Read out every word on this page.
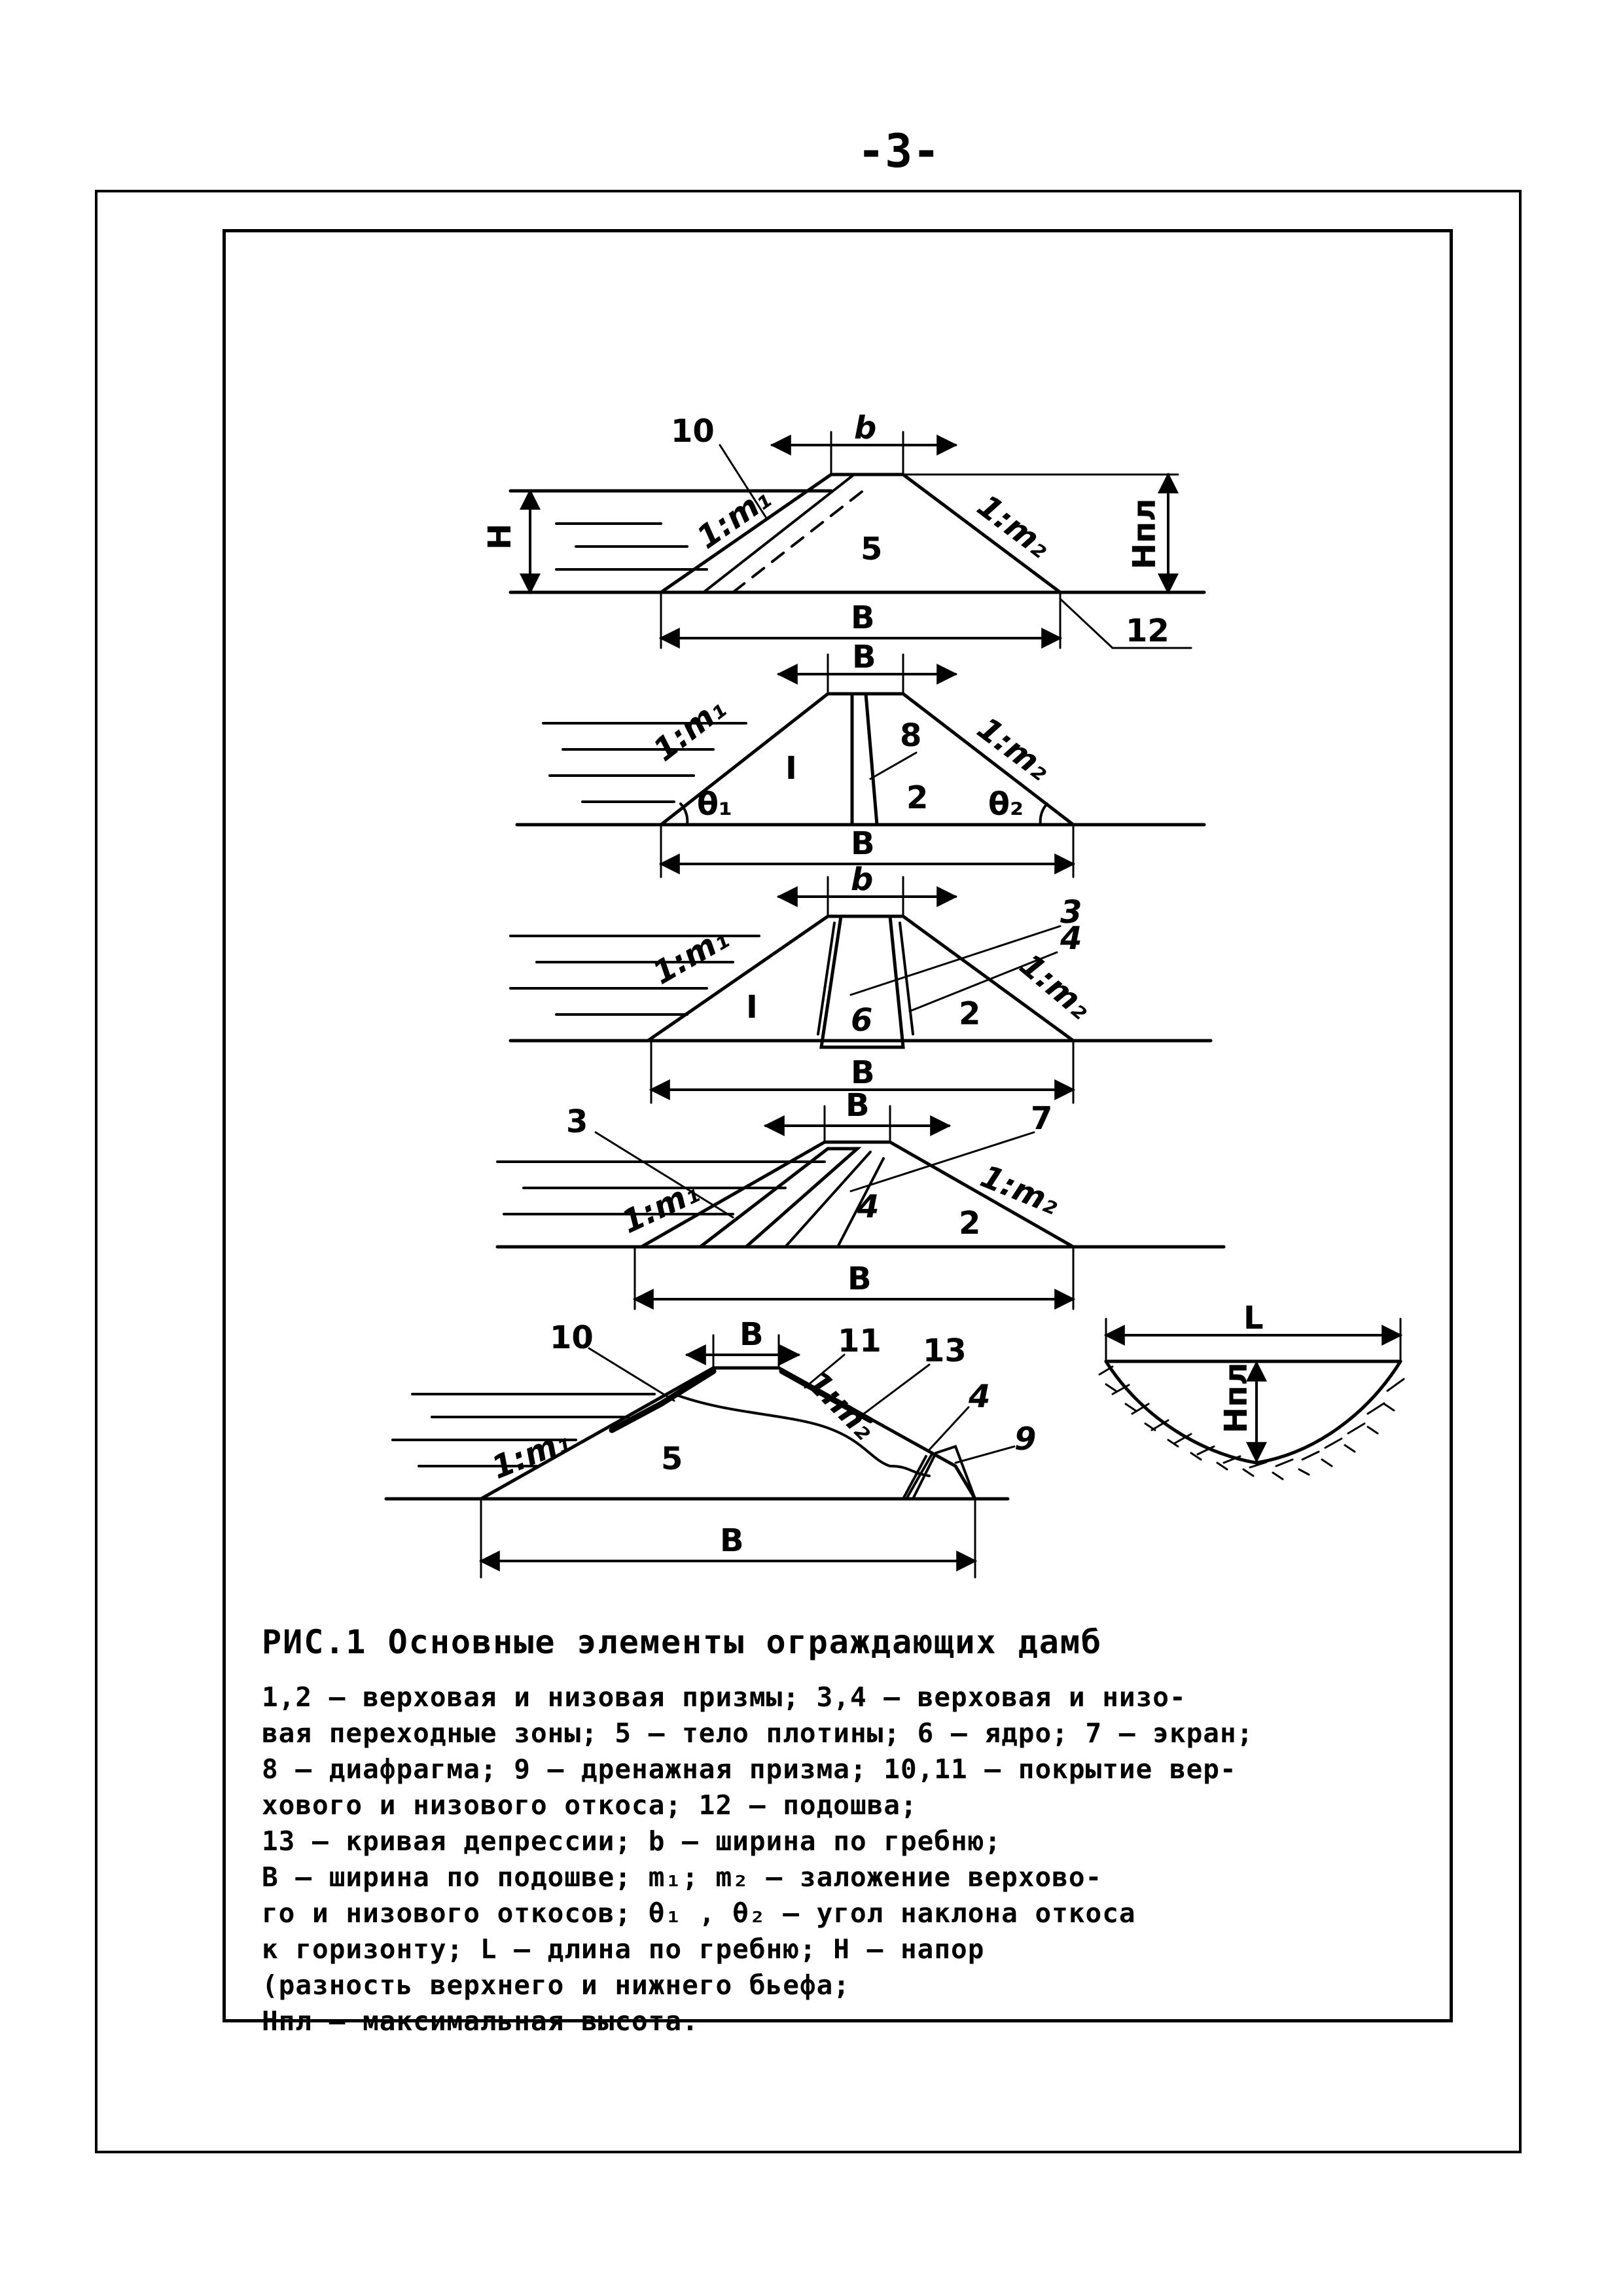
-3-
10	b
1:m₁	5	1:m₂
H	Hпл
B	12
B
1:m₁ I
8 1:m₂
2
θ₁	θ₂
B
b
3
4
1:m₁
I	6	2 1:m₂
B
B
3	7
1:m₁	4	2
1:m₂
B
10	B 11 13
4
9
1:m₁
1:m₂
5
B
L
Hпл
РИС.1 Основные элементы ограждающих дамб
1,2 – верховая и низовая призмы; 3,4 – верховая и низо-
вая переходные зоны; 5 – тело плотины; 6 – ядро; 7 – экран;
8 – диафрагма; 9 – дренажная призма; 10,11 – покрытие вер-
хового и низового откоса; 12 – подошва;
13 – кривая депрессии; b – ширина по гребню;
B – ширина по подошве; m₁; m₂ – заложение верхово-
го и низового откосов; θ₁ , θ₂ – угол наклона откоса
к горизонту; L – длина по гребню; H – напор
(разность верхнего и нижнего бьефа;
Hпл – максимальная высота.
